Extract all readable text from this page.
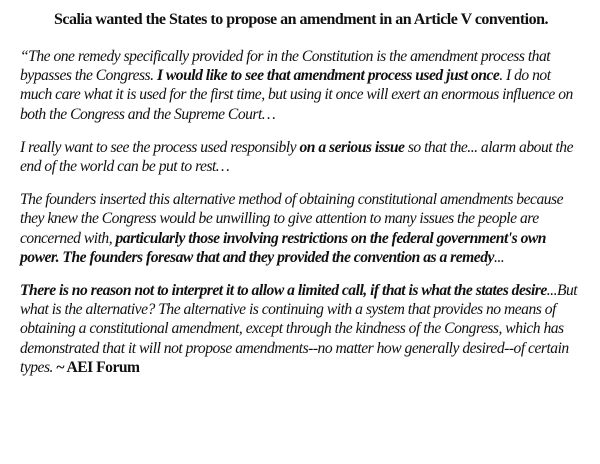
Scalia wanted the States to propose an amendment in an Article V convention.

“The one remedy specifically provided for in the Constitution is the amendment process that bypasses the Congress. I would like to see that amendment process used just once. I do not much care what it is used for the first time, but using it once will exert an enormous influence on both the Congress and the Supreme Court…

I really want to see the process used responsibly on a serious issue so that the... alarm about the end of the world can be put to rest…

The founders inserted this alternative method of obtaining constitutional amendments because they knew the Congress would be unwilling to give attention to many issues the people are concerned with, particularly those involving restrictions on the federal government's own power. The founders foresaw that and they provided the convention as a remedy...

There is no reason not to interpret it to allow a limited call, if that is what the states desire...But what is the alternative? The alternative is continuing with a system that provides no means of obtaining a constitutional amendment, except through the kindness of the Congress, which has demonstrated that it will not propose amendments--no matter how generally desired--of certain types. ~ AEI Forum
